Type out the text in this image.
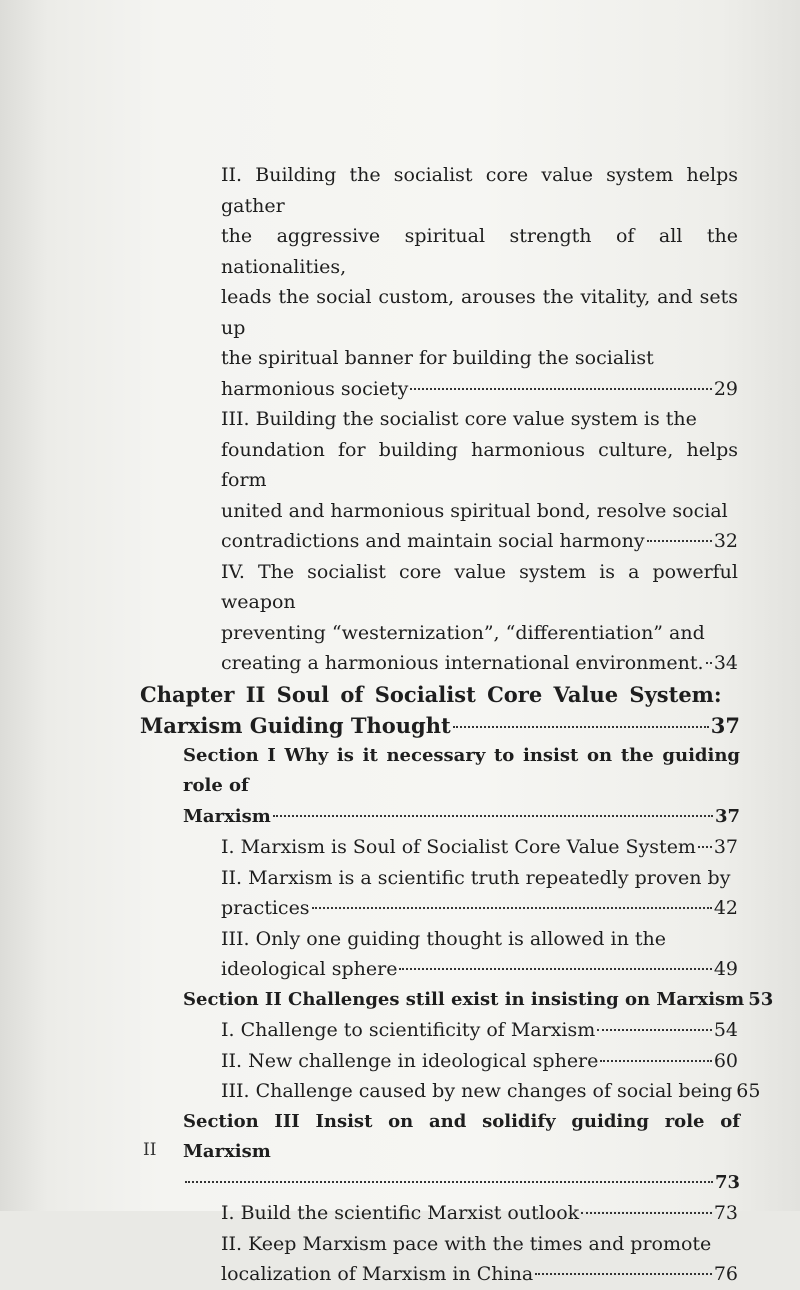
II. Building the socialist core value system helps gather
the aggressive spiritual strength of all the nationalities,
leads the social custom, arouses the vitality, and sets up
the spiritual banner for building the socialist
harmonious society	29
III. Building the socialist core value system is the
foundation for building harmonious culture, helps form
united and harmonious spiritual bond, resolve social
contradictions and maintain social harmony	32
IV. The socialist core value system is a powerful weapon
preventing “westernization”, “differentiation” and
creating a harmonious international environment. 34
Chapter II Soul of Socialist Core Value System:
Marxism Guiding Thought	37
Section I Why is it necessary to insist on the guiding role of
Marxism	37
I. Marxism is Soul of Socialist Core Value System 37
II. Marxism is a scientific truth repeatedly proven by
practices	42
III. Only one guiding thought is allowed in the
ideological sphere	49
Section II Challenges still exist in insisting on Marxism 53
I. Challenge to scientificity of Marxism	54
II. New challenge in ideological sphere	60
III. Challenge caused by new changes of social being 65
Section III Insist on and solidify guiding role of Marxism
73
I. Build the scientific Marxist outlook	73
II. Keep Marxism pace with the times and promote
localization of Marxism in China	76
II
